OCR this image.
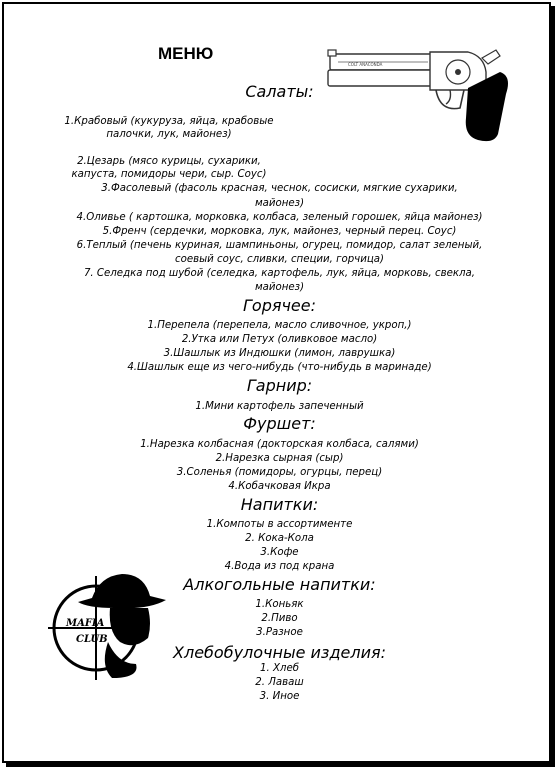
МЕНЮ
COLT ANACONDA
MAFIA
CLUB
Салаты:
1.Крабовый (кукуруза, яйца, крабовые
палочки, лук, майонез)
2.Цезарь (мясо курицы, сухарики,
капуста, помидоры чери, сыр. Соус)
3.Фасолевый (фасоль красная, чеснок, сосиски, мягкие сухарики,
майонез)
4.Оливье ( картошка, морковка, колбаса, зеленый горошек, яйца майонез)
5.Френч (сердечки, морковка, лук, майонез, черный перец. Соус)
6.Теплый (печень куриная, шампиньоны, огурец, помидор, салат зеленый,
соевый соус, сливки, специи, горчица)
7. Селедка под шубой (селедка, картофель, лук, яйца, морковь, свекла,
майонез)
Горячее:
1.Перепела (перепела, масло сливочное, укроп,)
2.Утка или Петух (оливковое масло)
3.Шашлык из Индюшки (лимон, лаврушка)
4.Шашлык еще из чего-нибудь (что-нибудь в маринаде)
Гарнир:
1.Мини картофель запеченный
Фуршет:
1.Нарезка колбасная (докторская колбаса, салями)
2.Нарезка сырная (сыр)
3.Соленья (помидоры, огурцы, перец)
4.Кобачковая Икра
Напитки:
1.Компоты в ассортименте
2. Кока-Кола
3.Кофе
4.Вода из под крана
Алкогольные напитки:
1.Коньяк
2.Пиво
3.Разное
Хлебобулочные изделия:
1. Хлеб
2. Лаваш
3. Иное
